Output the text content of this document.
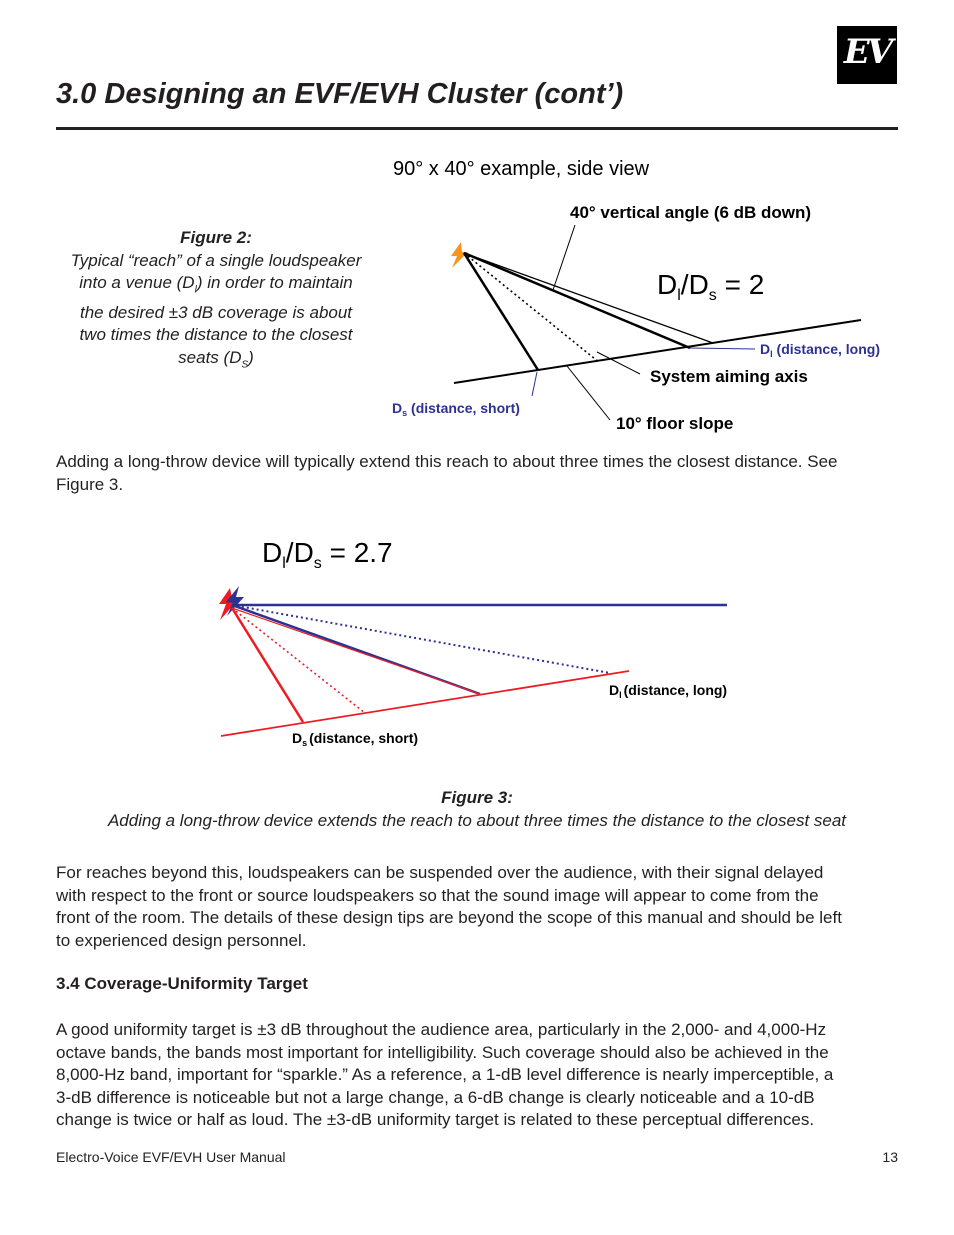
EV
3.0 Designing an EVF/EVH Cluster (cont’)
Figure 2:
Typical “reach” of a single loudspeaker
into a venue $(D_l)$ in order to maintain
the desired ±3 dB coverage is about
two times the distance to the closest
seats $(D_S)$
90° x 40° example, side view
40° vertical angle (6 dB down)
$D_l/D_s = 2$
$D_l$ (distance, long)
System aiming axis
$D_s$ (distance, short)
10° floor slope
Adding a long-throw device will typically extend this reach to about three times the closest distance. See
Figure 3.
$D_l/D_s = 2.7$
$D_l$ (distance, long)
$D_s$ (distance, short)
Figure 3:
Adding a long-throw device extends the reach to about three times the distance to the closest seat
For reaches beyond this, loudspeakers can be suspended over the audience, with their signal delayed
with respect to the front or source loudspeakers so that the sound image will appear to come from the
front of the room. The details of these design tips are beyond the scope of this manual and should be left
to experienced design personnel.
3.4 Coverage-Uniformity Target
A good uniformity target is ±3 dB throughout the audience area, particularly in the 2,000- and 4,000-Hz
octave bands, the bands most important for intelligibility. Such coverage should also be achieved in the
8,000-Hz band, important for “sparkle.” As a reference, a 1-dB level difference is nearly imperceptible, a
3-dB difference is noticeable but not a large change, a 6-dB change is clearly noticeable and a 10-dB
change is twice or half as loud. The ±3-dB uniformity target is related to these perceptual differences.
Electro-Voice EVF/EVH User Manual	13
